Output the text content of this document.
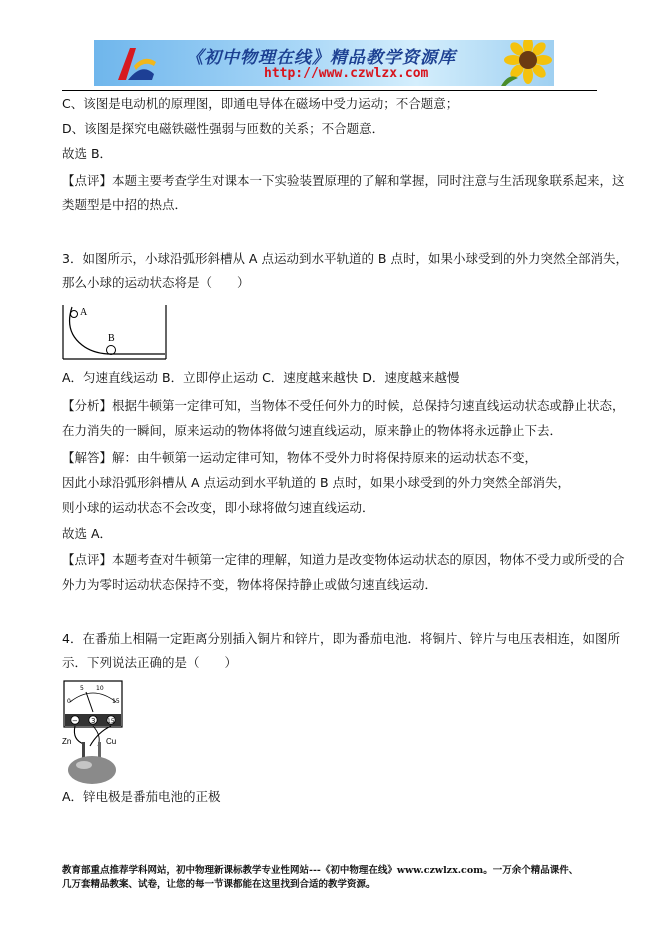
《初中物理在线》精品教学资源库
http://www.czwlzx.com
C、该图是电动机的原理图，即通电导体在磁场中受力运动；不合题意；
D、该图是探究电磁铁磁性强弱与匝数的关系；不合题意．
故选 B．
【点评】本题主要考查学生对课本一下实验装置原理的了解和掌握，同时注意与生活现象联系起来，这
类题型是中招的热点．
3．如图所示，小球沿弧形斜槽从 A 点运动到水平轨道的 B 点时，如果小球受到的外力突然全部消失，
那么小球的运动状态将是（　　）
A
B
A．匀速直线运动 B．立即停止运动 C．速度越来越快 D．速度越来越慢
【分析】根据牛顿第一定律可知，当物体不受任何外力的时候，总保持匀速直线运动状态或静止状态，
在力消失的一瞬间，原来运动的物体将做匀速直线运动，原来静止的物体将永远静止下去．
【解答】解：由牛顿第一运动定律可知，物体不受外力时将保持原来的运动状态不变，
因此小球沿弧形斜槽从 A 点运动到水平轨道的 B 点时，如果小球受到的外力突然全部消失，
则小球的运动状态不会改变，即小球将做匀速直线运动．
故选 A．
【点评】本题考查对牛顿第一定律的理解，知道力是改变物体运动状态的原因，物体不受力或所受的合
外力为零时运动状态保持不变，物体将保持静止或做匀速直线运动．
4．在番茄上相隔一定距离分别插入铜片和锌片，即为番茄电池．将铜片、锌片与电压表相连，如图所
示．下列说法正确的是（　　）
0
5 10
15
− 3 15
Zn	Cu
A．锌电极是番茄电池的正极
教育部重点推荐学科网站，初中物理新课标教学专业性网站---《初中物理在线》www.czwlzx.com。一万余个精品课件、
几万套精品教案、试卷，让您的每一节课都能在这里找到合适的教学资源。
